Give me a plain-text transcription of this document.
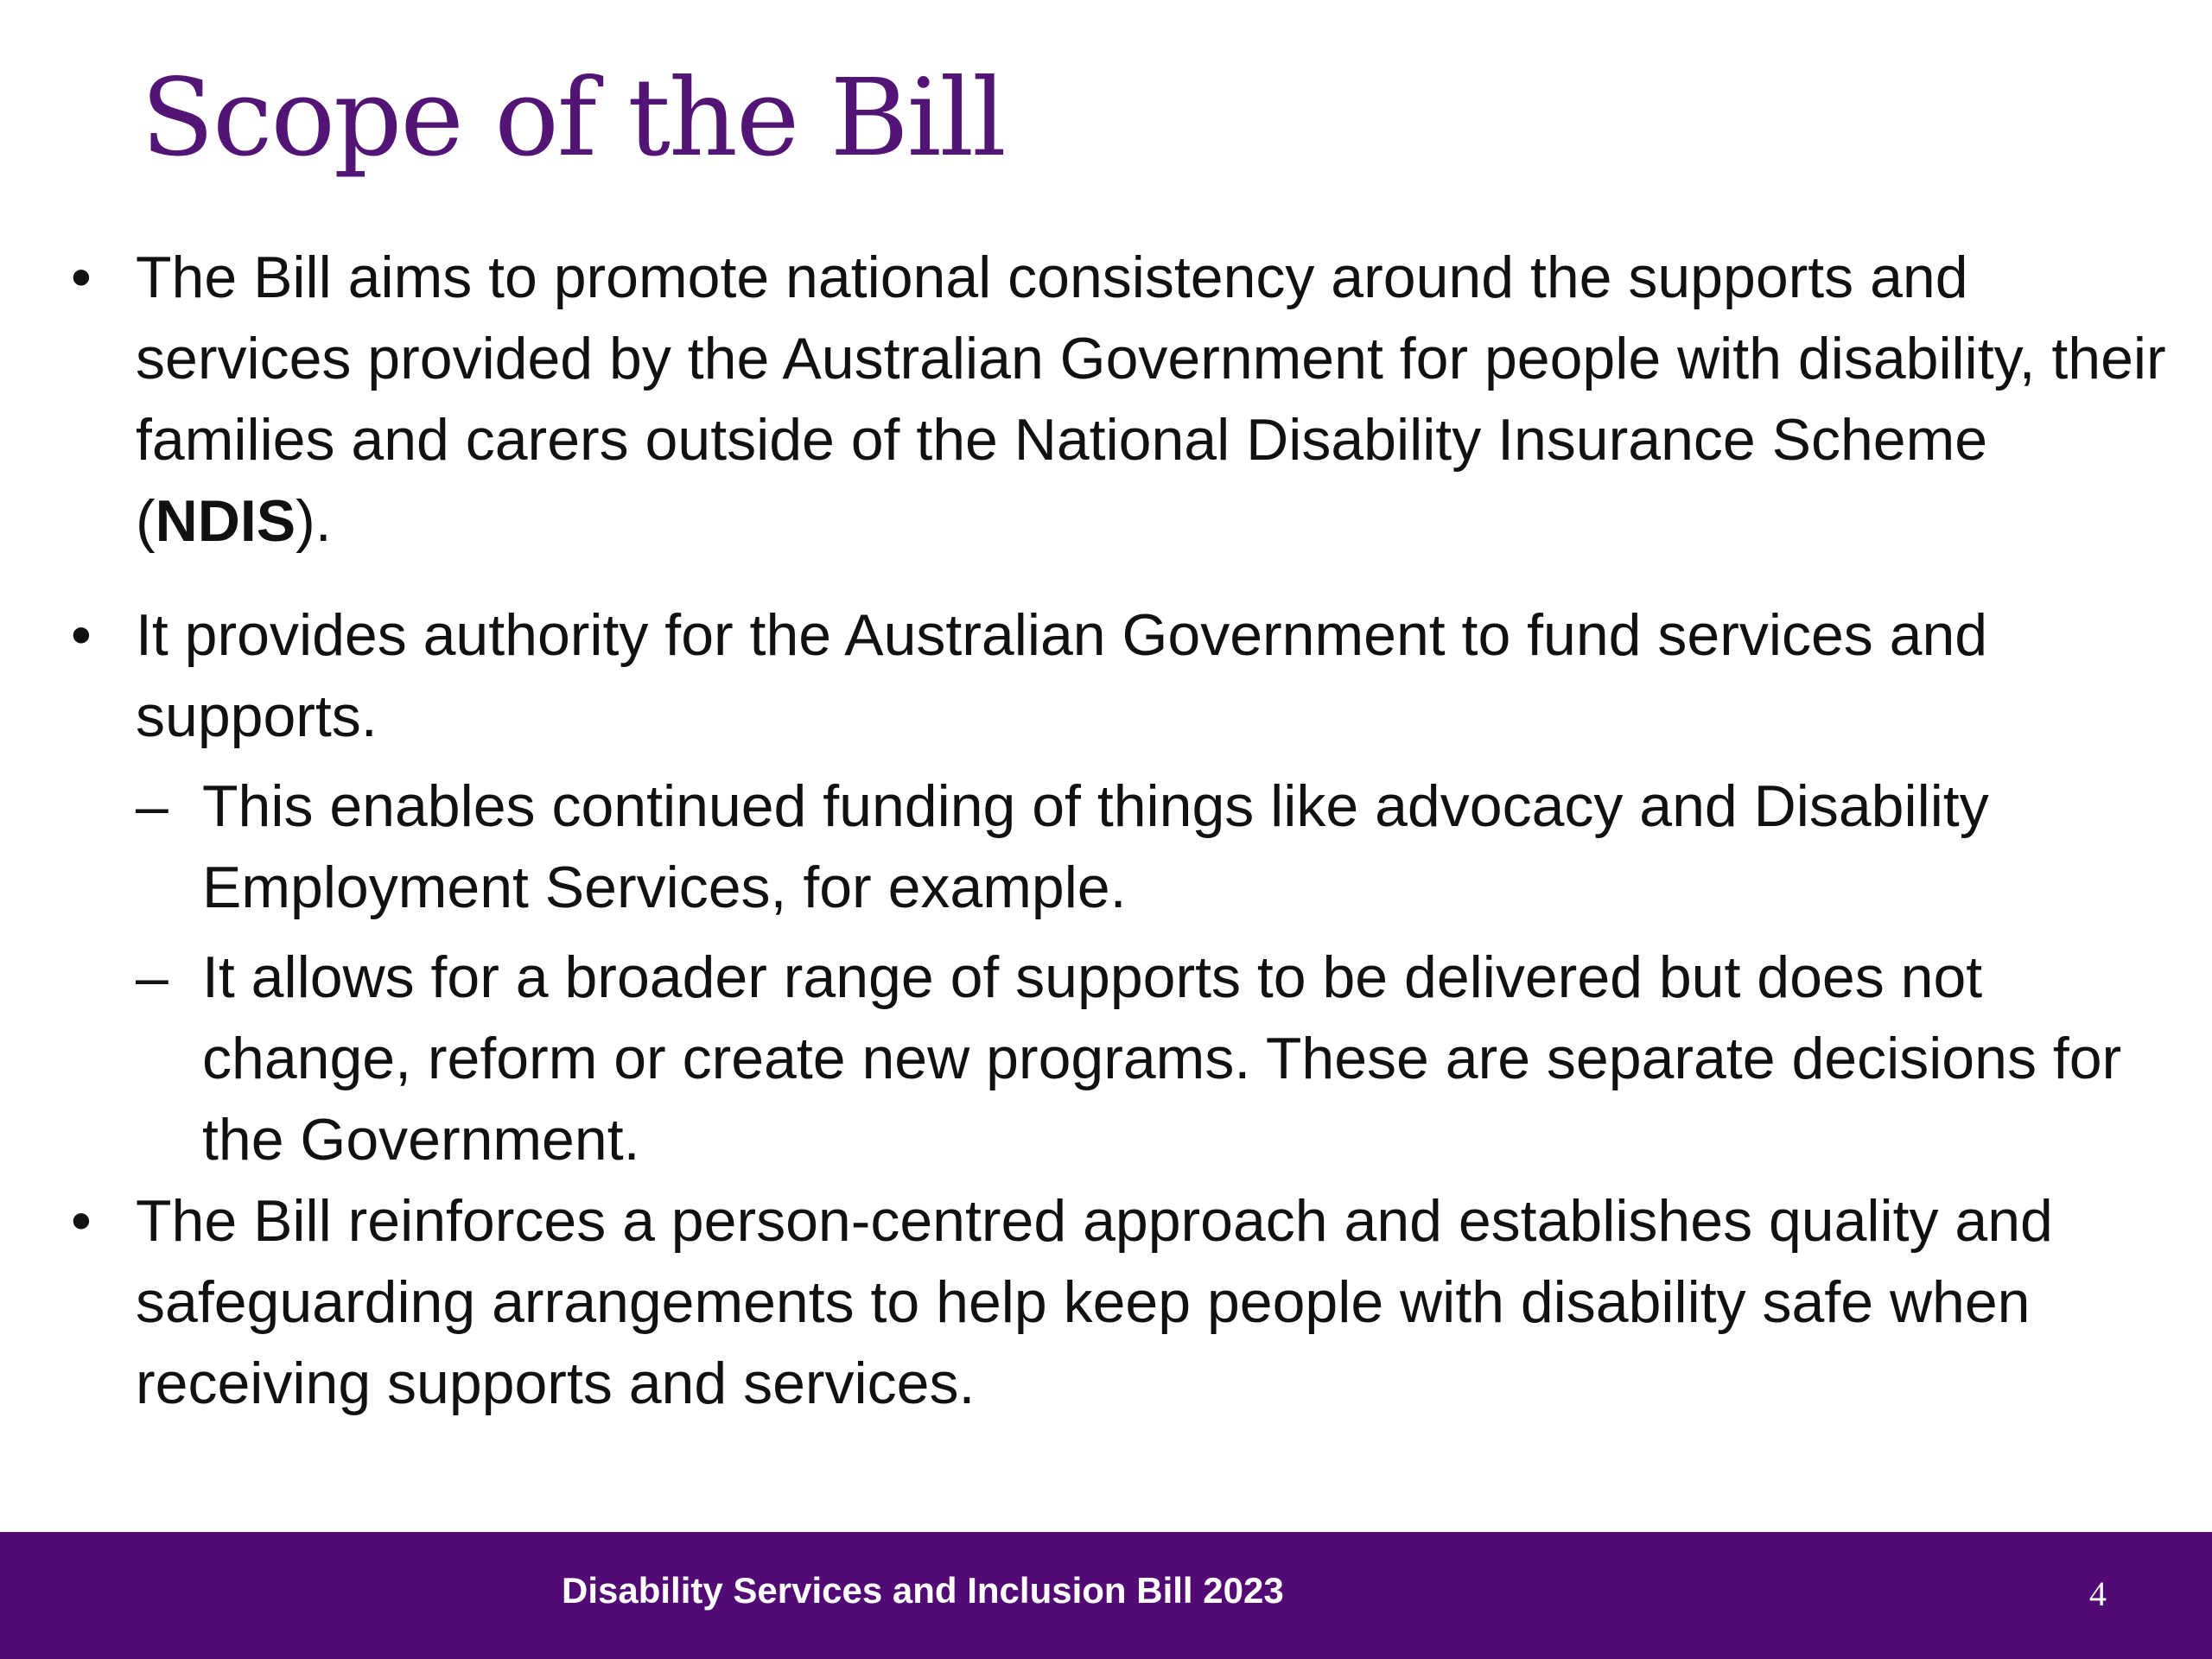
Scope of the Bill
• The Bill aims to promote national consistency around the supports and services provided by the Australian Government for people with disability, their families and carers outside of the National Disability Insurance Scheme (NDIS).
• It provides authority for the Australian Government to fund services and supports.
– This enables continued funding of things like advocacy and Disability Employment Services, for example.
– It allows for a broader range of supports to be delivered but does not change, reform or create new programs. These are separate decisions for the Government.
• The Bill reinforces a person-centred approach and establishes quality and safeguarding arrangements to help keep people with disability safe when receiving supports and services.
Disability Services and Inclusion Bill 2023	4
